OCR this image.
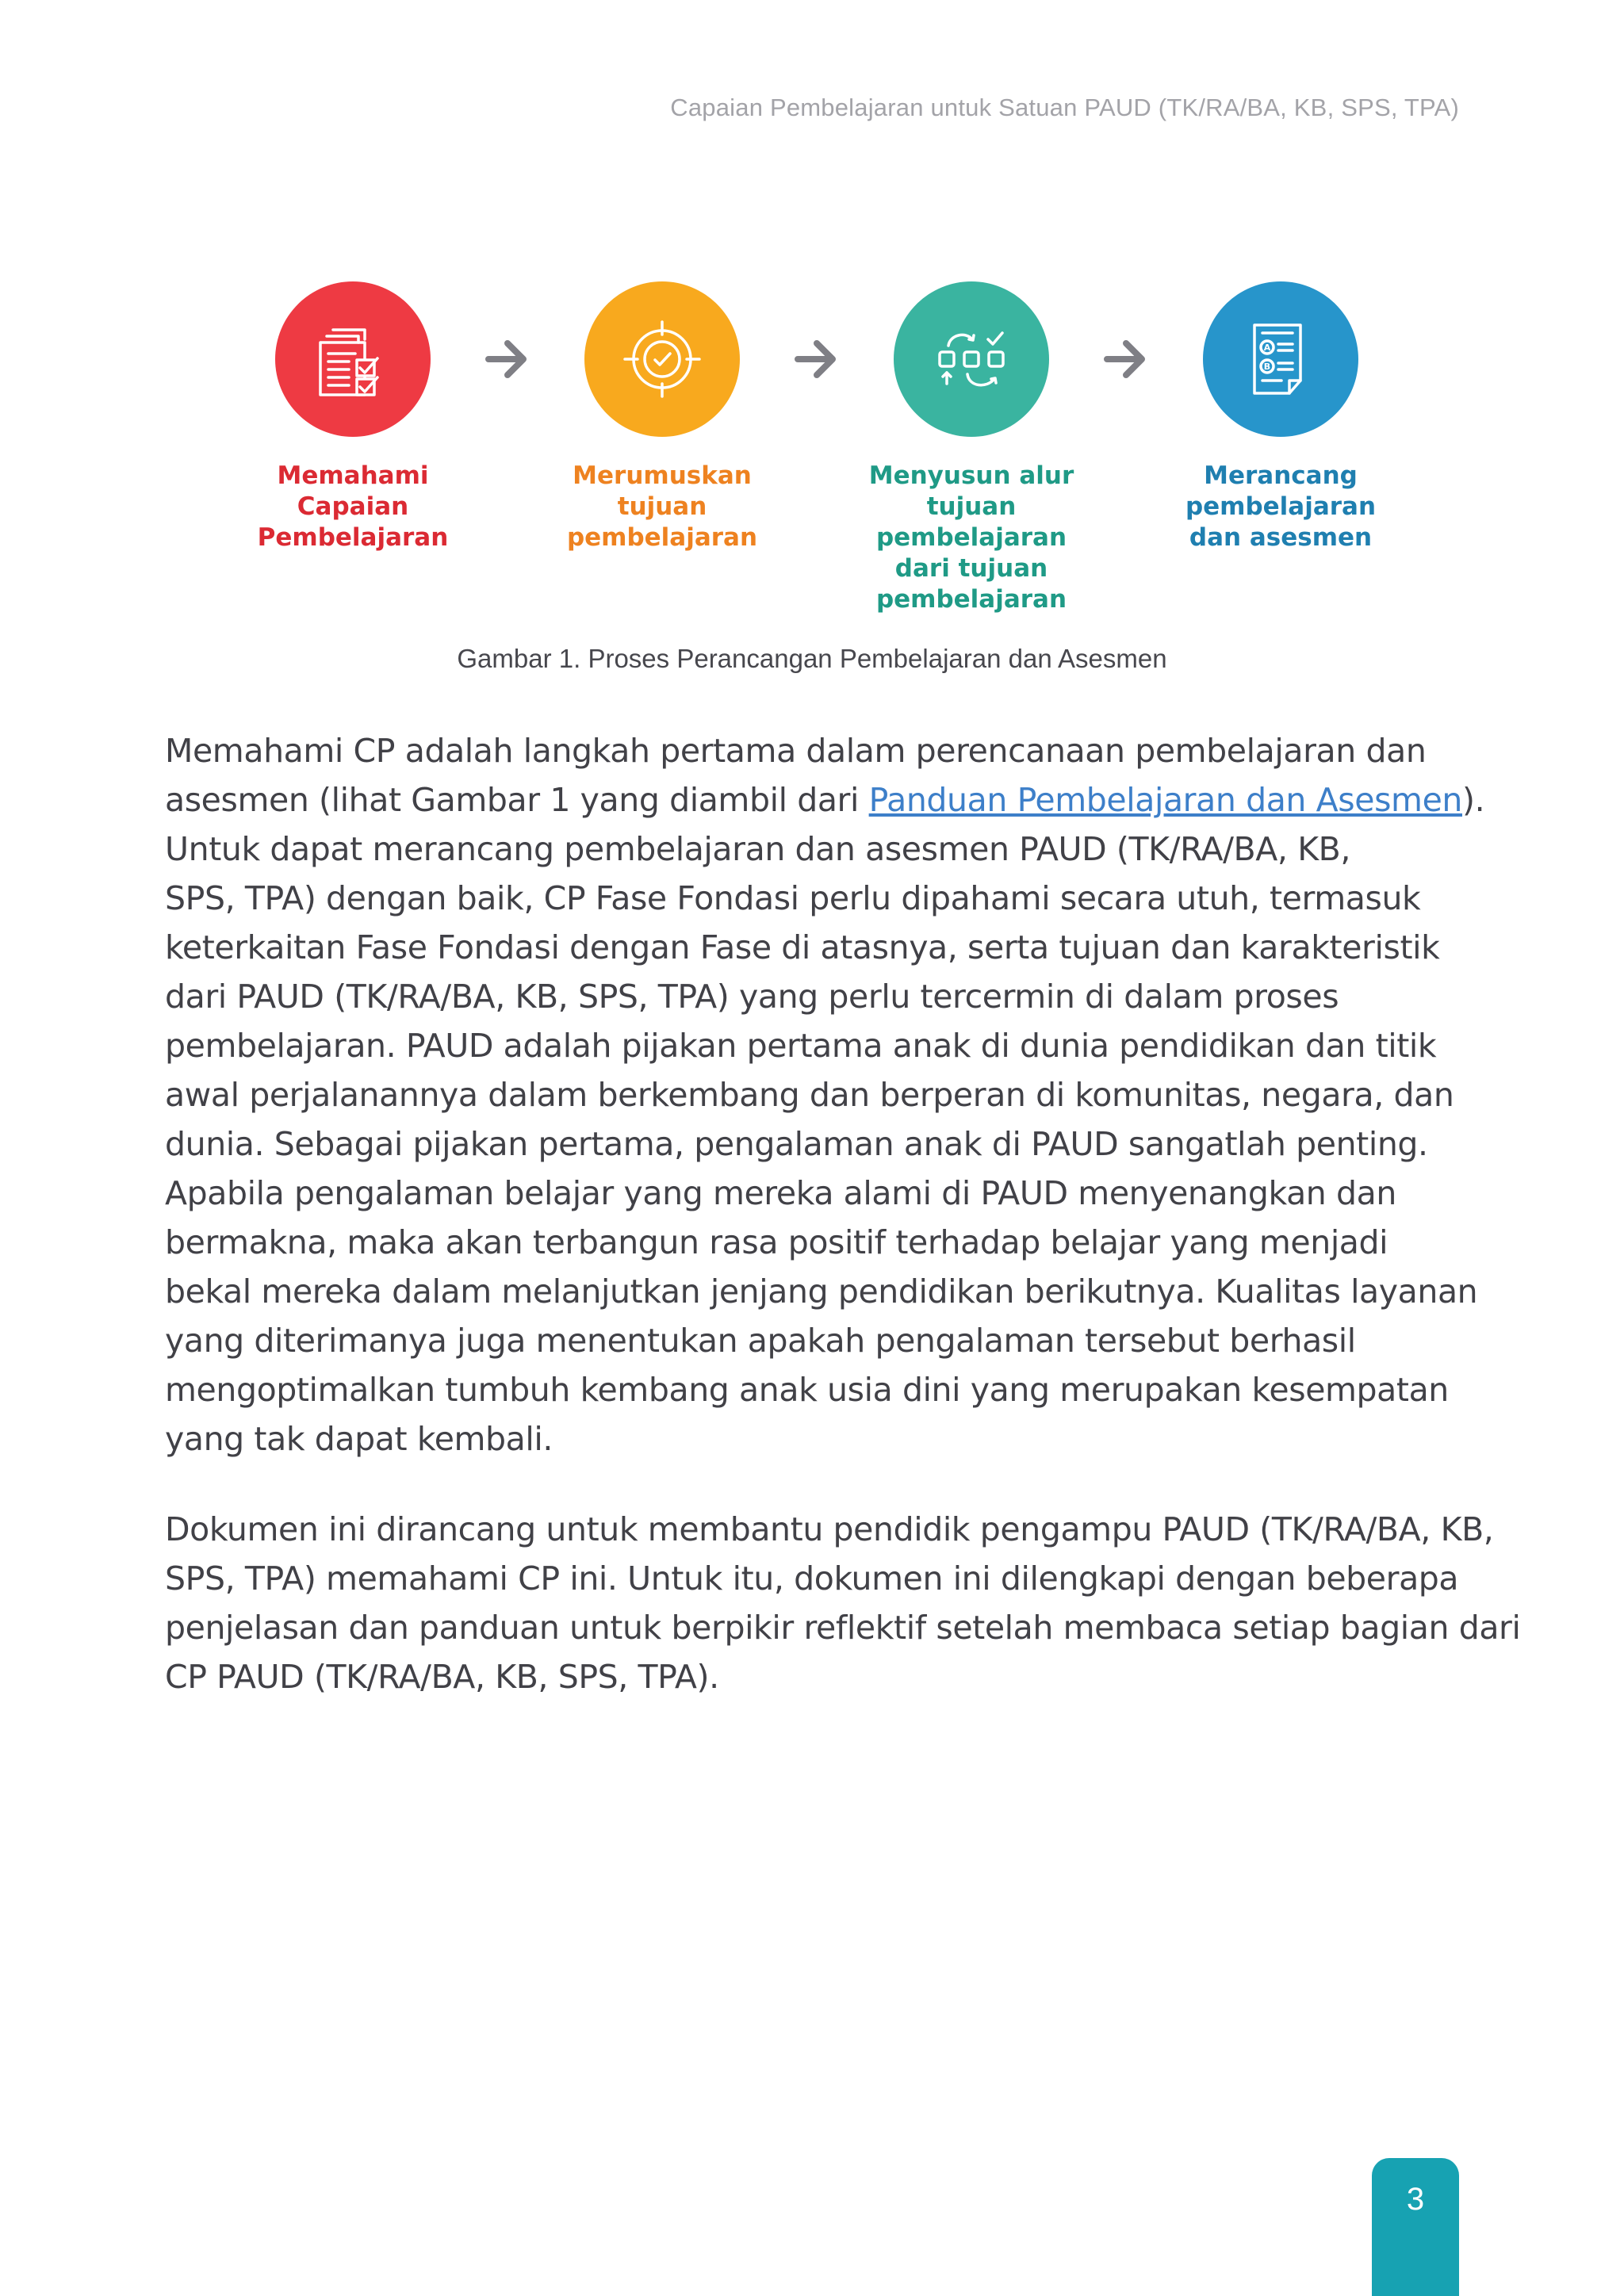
Capaian Pembelajaran untuk Satuan PAUD (TK/RA/BA, KB, SPS, TPA)
Memahami
Capaian
Pembelajaran
Merumuskan
tujuan
pembelajaran
Menyusun alur
tujuan pembelajaran
dari tujuan
pembelajaran
A
B
Merancang
pembelajaran
dan asesmen
Gambar 1. Proses Perancangan Pembelajaran dan Asesmen
Memahami CP adalah langkah pertama dalam perencanaan pembelajaran dan
asesmen (lihat Gambar 1 yang diambil dari Panduan Pembelajaran dan Asesmen).
Untuk dapat merancang pembelajaran dan asesmen PAUD (TK/RA/BA, KB,
SPS, TPA) dengan baik, CP Fase Fondasi perlu dipahami secara utuh, termasuk
keterkaitan Fase Fondasi dengan Fase di atasnya, serta tujuan dan karakteristik
dari PAUD (TK/RA/BA, KB, SPS, TPA) yang perlu tercermin di dalam proses
pembelajaran. PAUD adalah pijakan pertama anak di dunia pendidikan dan titik
awal perjalanannya dalam berkembang dan berperan di komunitas, negara, dan
dunia. Sebagai pijakan pertama, pengalaman anak di PAUD sangatlah penting.
Apabila pengalaman belajar yang mereka alami di PAUD menyenangkan dan
bermakna, maka akan terbangun rasa positif terhadap belajar yang menjadi
bekal mereka dalam melanjutkan jenjang pendidikan berikutnya. Kualitas layanan
yang diterimanya juga menentukan apakah pengalaman tersebut berhasil
mengoptimalkan tumbuh kembang anak usia dini yang merupakan kesempatan
yang tak dapat kembali.
Dokumen ini dirancang untuk membantu pendidik pengampu PAUD (TK/RA/BA, KB,
SPS, TPA) memahami CP ini. Untuk itu, dokumen ini dilengkapi dengan beberapa
penjelasan dan panduan untuk berpikir reflektif setelah membaca setiap bagian dari
CP PAUD (TK/RA/BA, KB, SPS, TPA).
3
